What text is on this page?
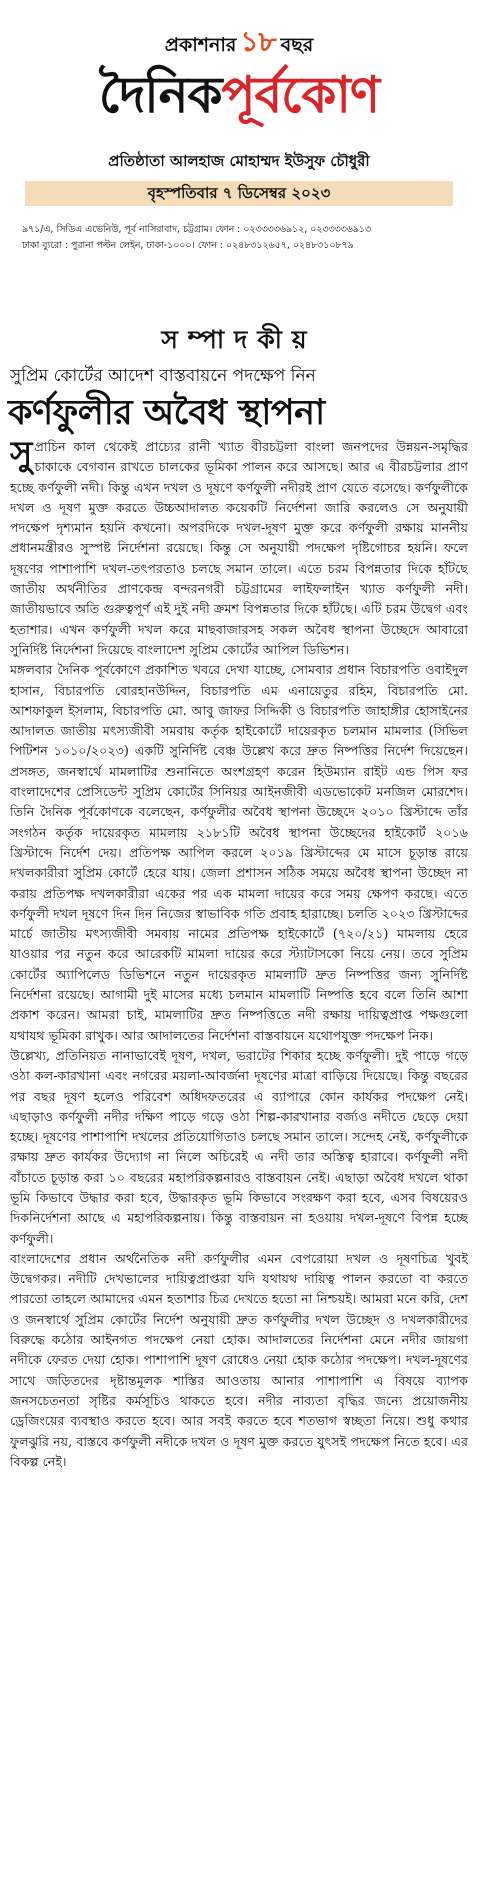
প্রকাশনার ১৮ বছর
দৈনিকপূর্বকোণ
প্রতিষ্ঠাতা আলহাজ মোহাম্মদ ইউসুফ চৌধুরী
বৃহস্পতিবার ৭ ডিসেম্বর ২০২৩
৯৭১/এ, সিডিএ এভেনিউ, পূর্ব নাসিরাবাদ, চট্টগ্রাম। ফোন : ০২৩৩৩৩৬৯১২, ০২৩৩৩৩৬৯১৩
ঢাকা ব্যুরো : পুরানা পল্টন লেইন, ঢাকা-১০০০। ফোন : ০২৪৮৩১২৬৫৭, ০২৪৮৩১০৮৭৯
সম্পাদকীয়
সুপ্রিম কোর্টের আদেশ বাস্তবায়নে পদক্ষেপ নিন
কর্ণফুলীর অবৈধ স্থাপনা

সুপ্রাচিন কাল থেকেই প্রাচ্যের রানী খ্যাত বীরচট্টলা বাংলা জনপদের উন্নয়ন-সমৃদ্ধির চাকাকে বেগবান রাখতে চালকের ভূমিকা পালন করে আসছে। আর এ বীরচট্টলার প্রাণ হচ্ছে কর্ণফুলী নদী। কিন্তু এখন দখল ও দূষণে কর্ণফুলী নদীরই প্রাণ যেতে বসেছে। কর্ণফুলীকে দখল ও দূষণ মুক্ত করতে উচ্চআদালত কয়েকটি নির্দেশনা জারি করলেও সে অনুযায়ী পদক্ষেপ দৃশ্যমান হয়নি কখনো। অপরদিকে দখল-দূষণ মুক্ত করে কর্ণফুলী রক্ষায় মাননীয় প্রধানমন্ত্রীরও সুস্পষ্ট নির্দেশনা রয়েছে। কিন্তু সে অনুযায়ী পদক্ষেপ দৃষ্টিগোচর হয়নি। ফলে দূষণের পাশাপাশি দখল-তৎপরতাও চলছে সমান তালে। এতে চরম বিপন্নতার দিকে হাঁটছে জাতীয় অর্থনীতির প্রাণকেন্দ্র বন্দরনগরী চট্টগ্রামের লাইফলাইন খ্যাত কর্ণফুলী নদী। জাতীয়ভাবে অতি গুরুত্বপূর্ণ এই দুই নদী ক্রমশ বিপন্নতার দিকে হাঁটছে। এটি চরম উদ্বেগ এবং হতাশার। এখন কর্ণফুলী দখল করে মাছবাজারসহ সকল অবৈধ স্থাপনা উচ্ছেদে আবারো সুনির্দিষ্ট নির্দেশনা দিয়েছে বাংলাদেশ সুপ্রিম কোর্টের আপিল ডিভিশন।

মঙ্গলবার দৈনিক পূর্বকোণে প্রকাশিত খবরে দেখা যাচ্ছে, সোমবার প্রধান বিচারপতি ওবাইদুল হাসান, বিচারপতি বোরহানউদ্দিন, বিচারপতি এম এনায়েতুর রহিম, বিচারপতি মো. আশফাকুল ইসলাম, বিচারপতি মো. আবু জাফর সিদ্দিকী ও বিচারপতি জাহাঙ্গীর হোসাইনের আদালত জাতীয় মৎস্যজীবী সমবায় কর্তৃক হাইকোর্টে দায়েরকৃত চলমান মামলার (সিভিল পিটিশন ১০১০/২০২৩) একটি সুনির্দিষ্ট বেঞ্চ উল্লেখ করে দ্রুত নিষ্পত্তির নির্দেশ দিয়েছেন। প্রসঙ্গত, জনস্বার্থে মামলাটির শুনানিতে অংশগ্রহণ করেন হিউম্যান রাইট এন্ড পিস ফর বাংলাদেশের প্রেসিডেন্ট সুপ্রিম কোর্টের সিনিয়র আইনজীবী এডভোকেট মনজিল মোরশেদ। তিনি দৈনিক পূর্বকোণকে বলেছেন, কর্ণফুলীর অবৈধ স্থাপনা উচ্ছেদে ২০১০ খ্রিস্টাব্দে তাঁর সংগঠন কর্তৃক দায়েরকৃত মামলায় ২১৮১টি অবৈধ স্থাপনা উচ্ছেদের হাইকোর্ট ২০১৬ খ্রিস্টাব্দে নির্দেশ দেয়। প্রতিপক্ষ আপিল করলে ২০১৯ খ্রিস্টাব্দের মে মাসে চূড়ান্ত রায়ে দখলকারীরা সুপ্রিম কোর্টে হেরে যায়। জেলা প্রশাসন সঠিক সময়ে অবৈধ স্থাপনা উচ্ছেদ না করায় প্রতিপক্ষ দখলকারীরা একের পর এক মামলা দায়ের করে সময় ক্ষেপণ করছে। এতে কর্ণফুলী দখল দূষণে দিন দিন নিজের স্বাভাবিক গতি প্রবাহ হারাচ্ছে। চলতি ২০২৩ খ্রিস্টাব্দের মার্চে জাতীয় মৎস্যজীবী সমবায় নামের প্রতিপক্ষ হাইকোর্টে (৭২০/২১) মামলায় হেরে যাওয়ার পর নতুন করে আরেকটি মামলা দায়ের করে স্ট্যাটাসকো নিয়ে নেয়। তবে সুপ্রিম কোর্টের অ্যাপিলেড ডিভিশনে নতুন দায়েরকৃত মামলাটি দ্রুত নিষ্পত্তির জন্য সুনির্দিষ্ট নির্দেশনা রয়েছে। আগামী দুই মাসের মধ্যে চলমান মামলাটি নিষ্পত্তি হবে বলে তিনি আশা প্রকাশ করেন। আমরা চাই, মামলাটির দ্রুত নিষ্পত্তিতে নদী রক্ষায় দায়িত্বপ্রাপ্ত পক্ষগুলো যথাযথ ভূমিকা রাখুক। আর আদালতের নির্দেশনা বাস্তবায়নে যথোপযুক্ত পদক্ষেপ নিক।

উল্লেখ্য, প্রতিনিয়ত নানাভাবেই দূষণ, দখল, ভরাটের শিকার হচ্ছে কর্ণফুলী। দুই পাড়ে গড়ে ওঠা কল-কারখানা এবং নগরের ময়লা-আবর্জনা দূষণের মাত্রা বাড়িয়ে দিয়েছে। কিন্তু বছরের পর বছর দূষণ হলেও পরিবেশ অধিদফতরের এ ব্যাপারে কোন কার্যকর পদক্ষেপ নেই। এছাড়াও কর্ণফুলী নদীর দক্ষিণ পাড়ে গড়ে ওঠা শিল্প-কারখানার বর্জ্যও নদীতে ছেড়ে দেয়া হচ্ছে। দূষণের পাশাপাশি দখলের প্রতিযোগিতাও চলছে সমান তালে। সন্দেহ নেই, কর্ণফুলীকে রক্ষায় দ্রুত কার্যকর উদ্যোগ না নিলে অচিরেই এ নদী তার অস্তিত্ব হারাবে। কর্ণফুলী নদী বাঁচাতে চূড়ান্ত করা ১০ বছরের মহাপরিকল্পনারও বাস্তবায়ন নেই। এছাড়া অবৈধ দখলে থাকা ভূমি কিভাবে উদ্ধার করা হবে, উদ্ধারকৃত ভূমি কিভাবে সংরক্ষণ করা হবে, এসব বিষয়েরও দিকনির্দেশনা আছে এ মহাপরিকল্পনায়। কিন্তু বাস্তবায়ন না হওয়ায় দখল-দূষণে বিপন্ন হচ্ছে কর্ণফুলী।

বাংলাদেশের প্রধান অর্থনৈতিক নদী কর্ণফুলীর এমন বেপরোয়া দখল ও দূষণচিত্র খুবই উদ্বেগকর। নদীটি দেখভালের দায়িত্বপ্রাপ্তরা যদি যথাযথ দায়িত্ব পালন করতো বা করতে পারতো তাহলে আমাদের এমন হতাশার চিত্র দেখতে হতো না নিশ্চয়ই। আমরা মনে করি, দেশ ও জনস্বার্থে সুপ্রিম কোর্টের নির্দেশ অনুযায়ী দ্রুত কর্ণফুলীর দখল উচ্ছেদ ও দখলকারীদের বিরুদ্ধে কঠোর আইনগত পদক্ষেপ নেয়া হোক। আদালতের নির্দেশনা মেনে নদীর জায়গা নদীকে ফেরত দেয়া হোক। পাশাপাশি দূষণ রোধেও নেয়া হোক কঠোর পদক্ষেপ। দখল-দূষণের সাথে জড়িতদের দৃষ্টান্তমূলক শাস্তির আওতায় আনার পাশাপাশি এ বিষয়ে ব্যাপক জনসচেতনতা সৃষ্টির কর্মসূচিও থাকতে হবে। নদীর নাব্যতা বৃদ্ধির জন্যে প্রয়োজনীয় ড্রেজিংয়ের ব্যবস্থাও করতে হবে। আর সবই করতে হবে শতভাগ স্বচ্ছতা নিয়ে। শুধু কথার ফুলঝুরি নয়, বাস্তবে কর্ণফুলী নদীকে দখল ও দূষণ মুক্ত করতে যুৎসই পদক্ষেপ নিতে হবে। এর বিকল্প নেই।
